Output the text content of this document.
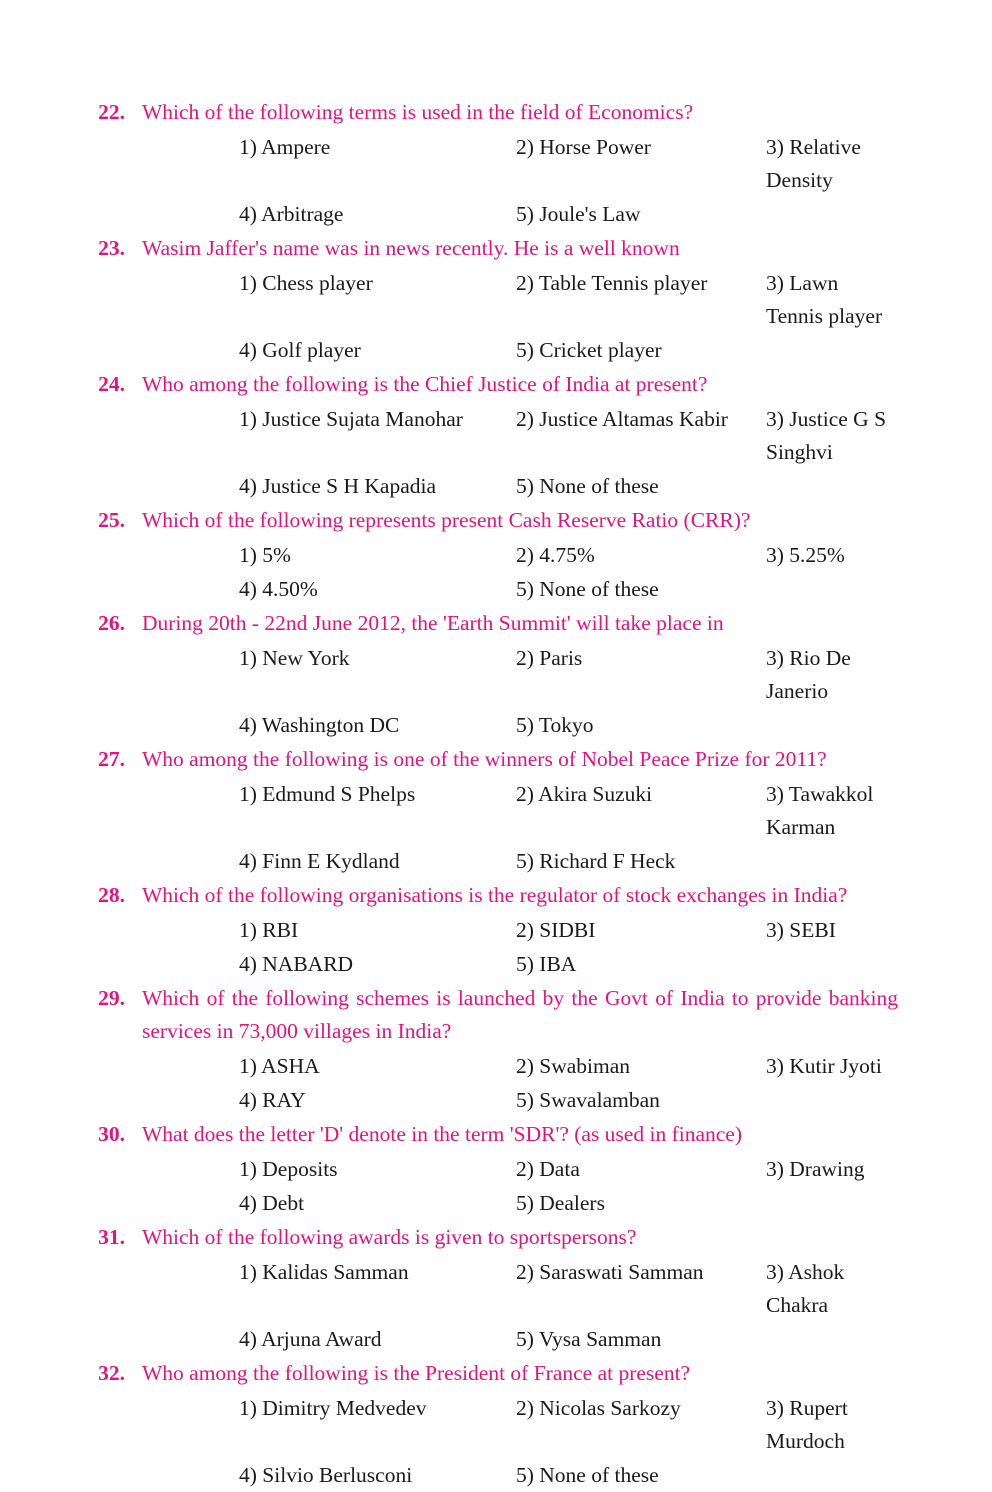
22. Which of the following terms is used in the field of Economics?
1) Ampere	2) Horse Power	3) Relative Density
4) Arbitrage	5) Joule's Law
23. Wasim Jaffer's name was in news recently. He is a well known
1) Chess player	2) Table Tennis player	3) Lawn Tennis player
4) Golf player	5) Cricket player
24. Who among the following is the Chief Justice of India at present?
1) Justice Sujata Manohar	2) Justice Altamas Kabir	3) Justice G S Singhvi
4) Justice S H Kapadia	5) None of these
25. Which of the following represents present Cash Reserve Ratio (CRR)?
1) 5%	2) 4.75%	3) 5.25%
4) 4.50%	5) None of these
26. During 20th - 22nd June 2012, the 'Earth Summit' will take place in
1) New York	2) Paris	3) Rio De Janerio
4) Washington DC	5) Tokyo
27. Who among the following is one of the winners of Nobel Peace Prize for 2011?
1) Edmund S Phelps	2) Akira Suzuki	3) Tawakkol Karman
4) Finn E Kydland	5) Richard F Heck
28. Which of the following organisations is the regulator of stock exchanges in India?
1) RBI	2) SIDBI	3) SEBI
4) NABARD	5) IBA
29. Which of the following schemes is launched by the Govt of India to provide banking services in 73,000 villages in India?
1) ASHA	2) Swabiman	3) Kutir Jyoti
4) RAY	5) Swavalamban
30. What does the letter 'D' denote in the term 'SDR'? (as used in finance)
1) Deposits	2) Data	3) Drawing
4) Debt	5) Dealers
31. Which of the following awards is given to sportspersons?
1) Kalidas Samman	2) Saraswati Samman	3) Ashok Chakra
4) Arjuna Award	5) Vysa Samman
32. Who among the following is the President of France at present?
1) Dimitry Medvedev	2) Nicolas Sarkozy	3) Rupert Murdoch
4) Silvio Berlusconi	5) None of these
